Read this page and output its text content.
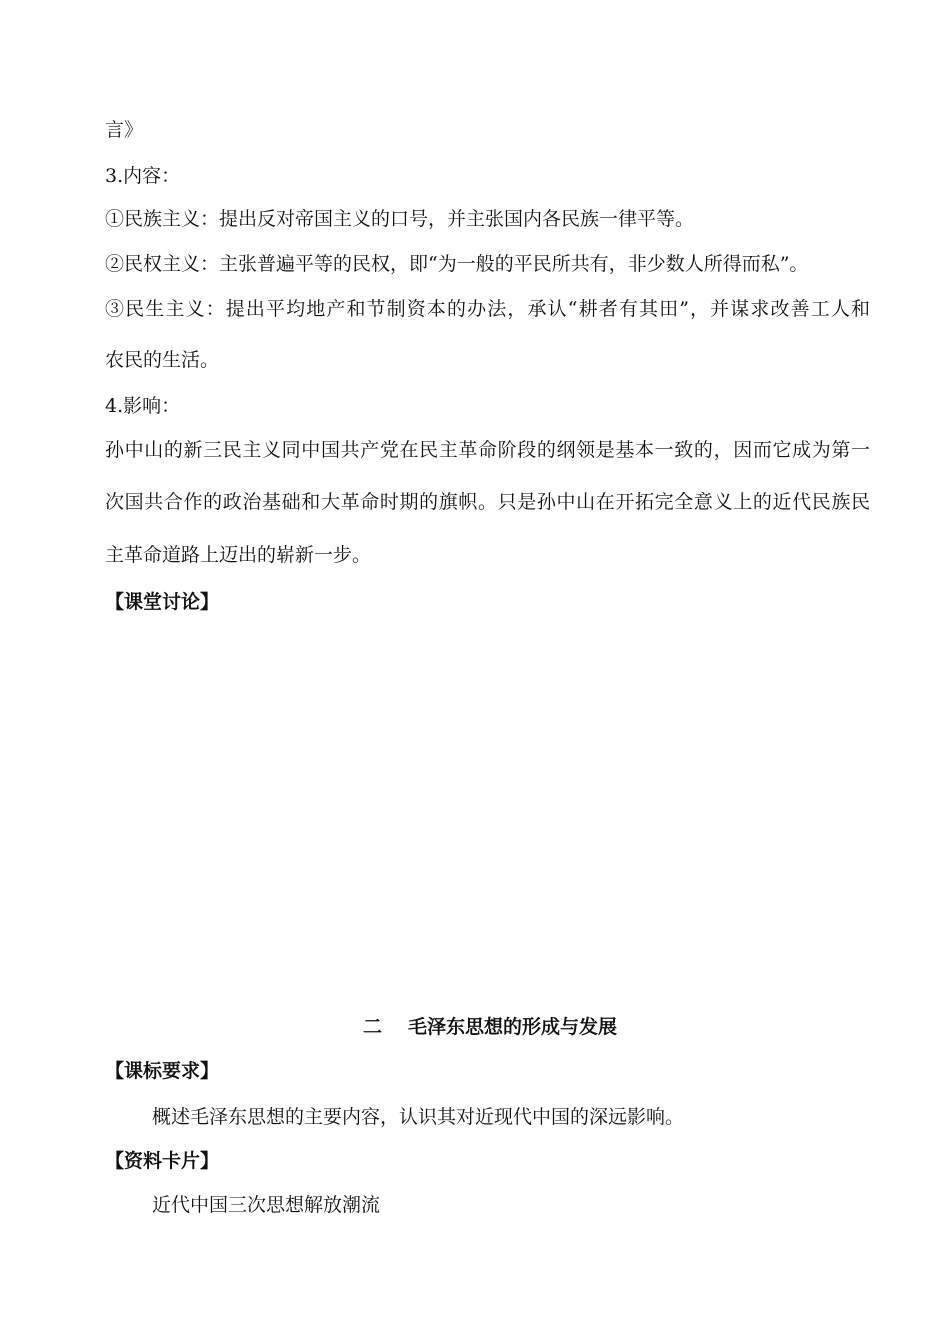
言》
3.内容：
①民族主义：提出反对帝国主义的口号，并主张国内各民族一律平等。
②民权主义：主张普遍平等的民权，即“为一般的平民所共有，非少数人所得而私”。
③民生主义：提出平均地产和节制资本的办法，承认“耕者有其田”，并谋求改善工人和
农民的生活。
4.影响：
孙中山的新三民主义同中国共产党在民主革命阶段的纲领是基本一致的，因而它成为第一
次国共合作的政治基础和大革命时期的旗帜。只是孙中山在开拓完全意义上的近代民族民
主革命道路上迈出的崭新一步。
【课堂讨论】
二 毛泽东思想的形成与发展
【课标要求】
概述毛泽东思想的主要内容，认识其对近现代中国的深远影响。
【资料卡片】
近代中国三次思想解放潮流
